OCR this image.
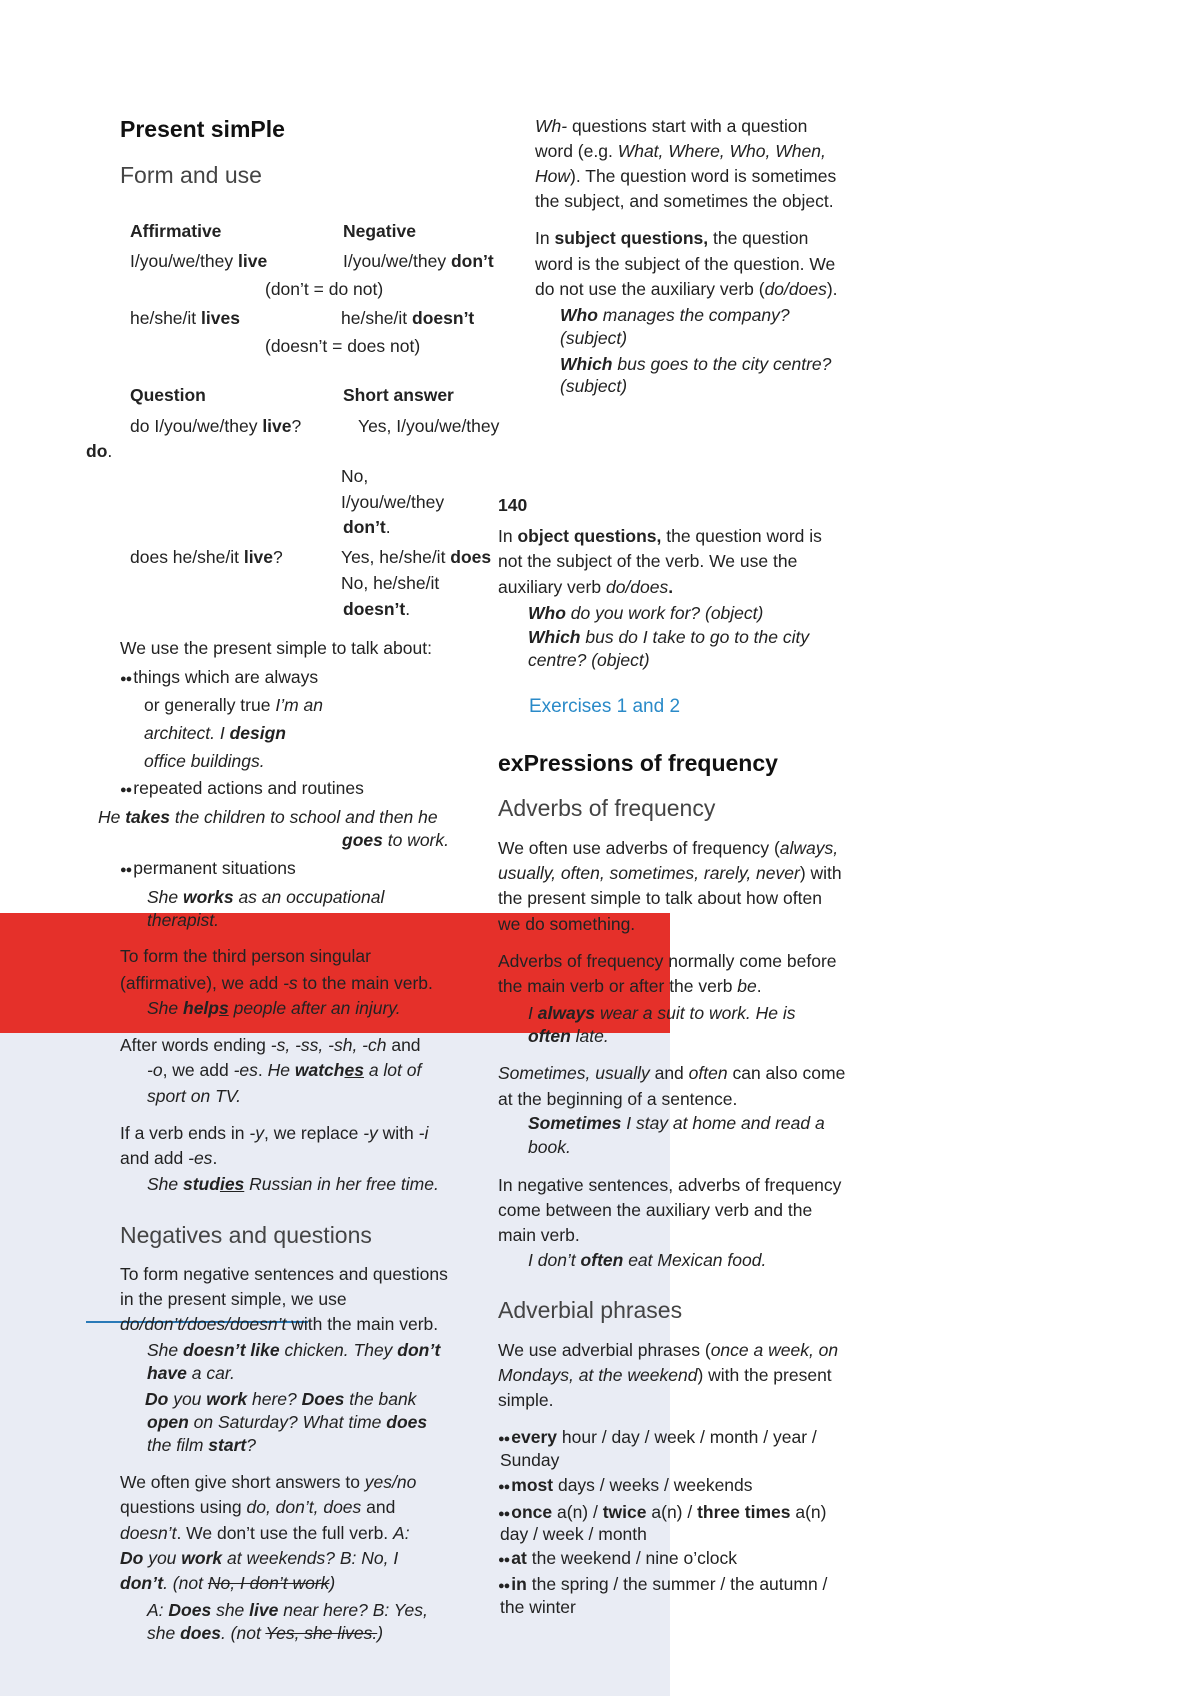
Present simPle
Form and use
Affirmative	Negative
I/you/we/they live	I/you/we/they don’t
(don’t = do not)
he/she/it lives	he/she/it doesn’t
(doesn’t = does not)
Question	Short answer
do I/you/we/they live?	Yes, I/you/we/they
do.
No,
I/you/we/they
don’t.
does he/she/it live?	Yes, he/she/it does
No, he/she/it
doesn’t.
We use the present simple to talk about:
●● things which are always
or generally true I’m an
architect. I design
office buildings.
●● repeated actions and routines
He takes the children to school and then he
goes to work.
●● permanent situations
She works as an occupational
therapist.
To form the third person singular
(affirmative), we add -s to the main verb.
She helps people after an injury.
After words ending -s, -ss, -sh, -ch and
-o, we add -es. He watches a lot of
sport on TV.
If a verb ends in -y, we replace -y with -i
and add -es.
She studies Russian in her free time.
Negatives and questions
To form negative sentences and questions
in the present simple, we use
do/don’t/does/doesn’t with the main verb.
She doesn’t like chicken. They don’t
have a car.
Do you work here? Does the bank
open on Saturday? What time does
the film start?
We often give short answers to yes/no
questions using do, don’t, does and
doesn’t. We don’t use the full verb. A:
Do you work at weekends? B: No, I
don’t. (not No, I don’t work)
A: Does she live near here? B: Yes,
she does. (not Yes, she lives.)
Wh- questions start with a question
word (e.g. What, Where, Who, When,
How). The question word is sometimes
the subject, and sometimes the object.
In subject questions, the question
word is the subject of the question. We
do not use the auxiliary verb (do/does).
Who manages the company?
(subject)
Which bus goes to the city centre?
(subject)
140
In object questions, the question word is
not the subject of the verb. We use the
auxiliary verb do/does.
Who do you work for? (object)
Which bus do I take to go to the city
centre? (object)
Exercises 1 and 2
exPressions of frequency
Adverbs of frequency
We often use adverbs of frequency (always,
usually, often, sometimes, rarely, never) with
the present simple to talk about how often
we do something.
Adverbs of frequency normally come before
the main verb or after the verb be.
I always wear a suit to work. He is
often late.
Sometimes, usually and often can also come
at the beginning of a sentence.
Sometimes I stay at home and read a
book.
In negative sentences, adverbs of frequency
come between the auxiliary verb and the
main verb.
I don’t often eat Mexican food.
Adverbial phrases
We use adverbial phrases (once a week, on
Mondays, at the weekend) with the present
simple.
●● every hour / day / week / month / year /
Sunday
●● most days / weeks / weekends
●● once a(n) / twice a(n) / three times a(n)
day / week / month
●● at the weekend / nine o’clock
●● in the spring / the summer / the autumn /
the winter
